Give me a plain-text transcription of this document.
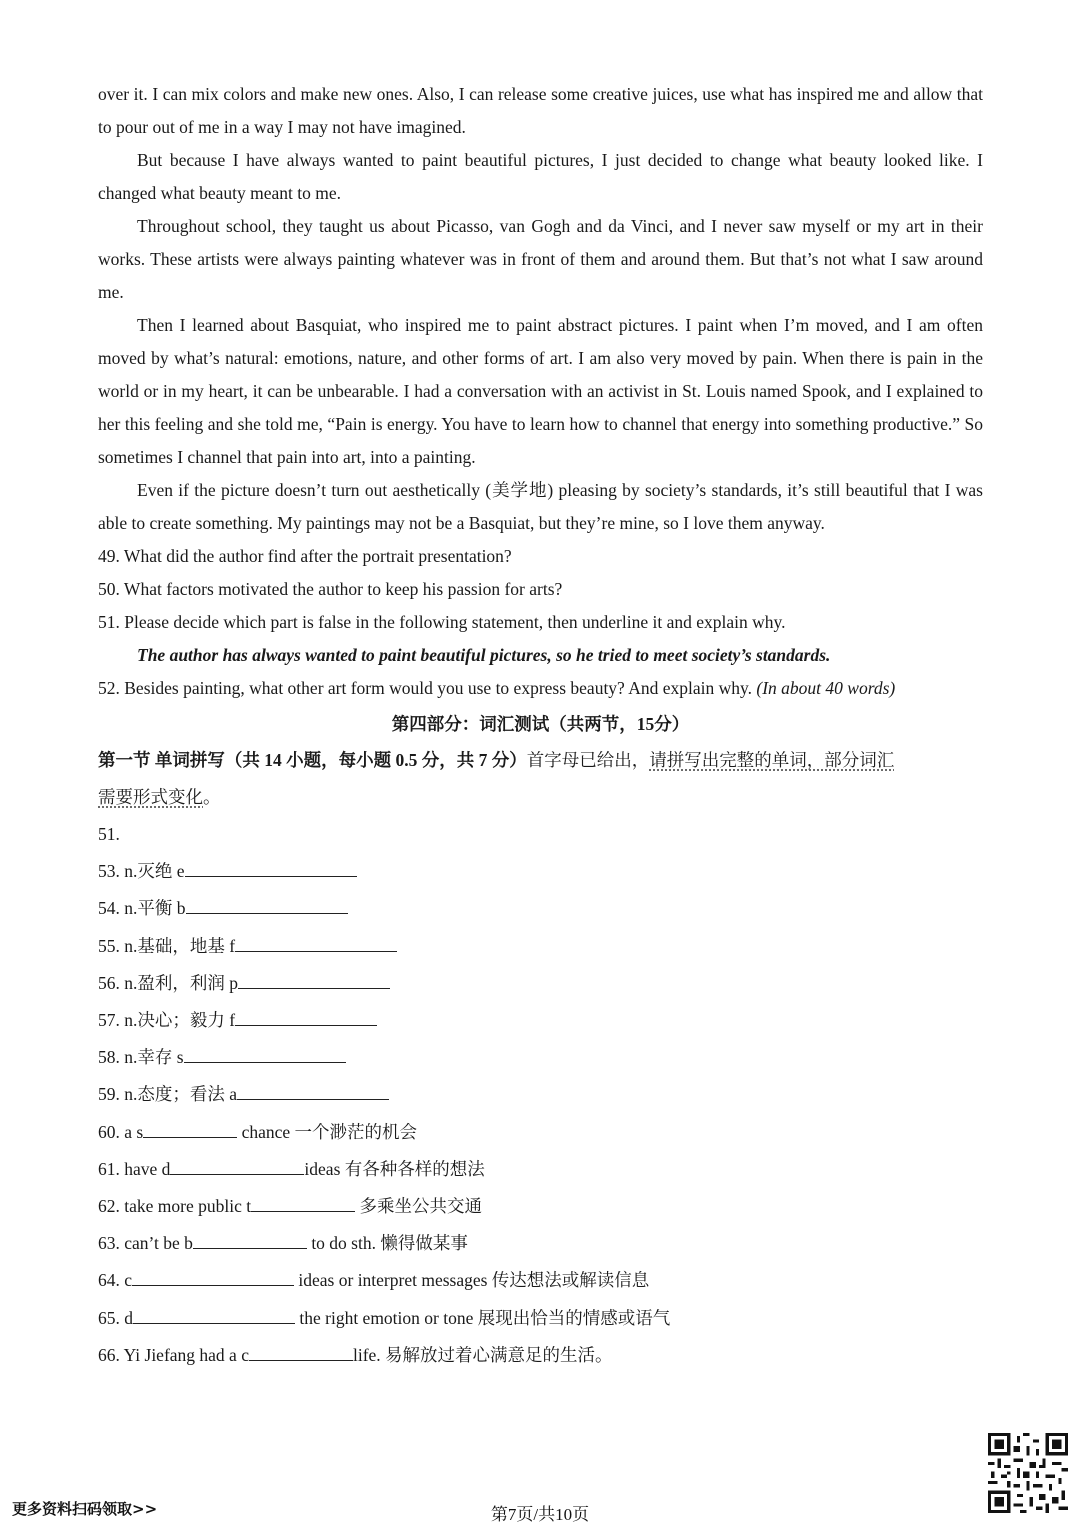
over it. I can mix colors and make new ones. Also, I can release some creative juices, use what has inspired me and allow that to pour out of me in a way I may not have imagined.

But because I have always wanted to paint beautiful pictures, I just decided to change what beauty looked like. I changed what beauty meant to me.

Throughout school, they taught us about Picasso, van Gogh and da Vinci, and I never saw myself or my art in their works. These artists were always painting whatever was in front of them and around them. But that’s not what I saw around me.

Then I learned about Basquiat, who inspired me to paint abstract pictures. I paint when I’m moved, and I am often moved by what’s natural: emotions, nature, and other forms of art. I am also very moved by pain. When there is pain in the world or in my heart, it can be unbearable. I had a conversation with an activist in St. Louis named Spook, and I explained to her this feeling and she told me, “Pain is energy. You have to learn how to channel that energy into something productive.” So sometimes I channel that pain into art, into a painting.

Even if the picture doesn’t turn out aesthetically (美学地) pleasing by society’s standards, it’s still beautiful that I was able to create something. My paintings may not be a Basquiat, but they’re mine, so I love them anyway.

49. What did the author find after the portrait presentation?
50. What factors motivated the author to keep his passion for arts?
51. Please decide which part is false in the following statement, then underline it and explain why.
The author has always wanted to paint beautiful pictures, so he tried to meet society’s standards.
52. Besides painting, what other art form would you use to express beauty? And explain why. (In about 40 words)
第四部分：词汇测试（共两节，15分）
第一节 单词拼写（共 14 小题，每小题 0.5 分，共 7 分）首字母已给出，请拼写出完整的单词，部分词汇
需要形式变化。
51.
53. n.灭绝 e
54. n.平衡 b
55. n.基础，地基 f
56. n.盈利，利润 p
57. n.决心；毅力 f
58. n.幸存 s
59. n.态度；看法 a
60. a s	chance 一个渺茫的机会
61. have d	ideas 有各种各样的想法
62. take more public t	多乘坐公共交通
63. can’t be b	to do sth. 懒得做某事
64. c	ideas or interpret messages 传达想法或解读信息
65. d	the right emotion or tone 展现出恰当的情感或语气
66. Yi Jiefang had a c	life. 易解放过着心满意足的生活。
更多资料扫码领取>>	第7页/共10页
